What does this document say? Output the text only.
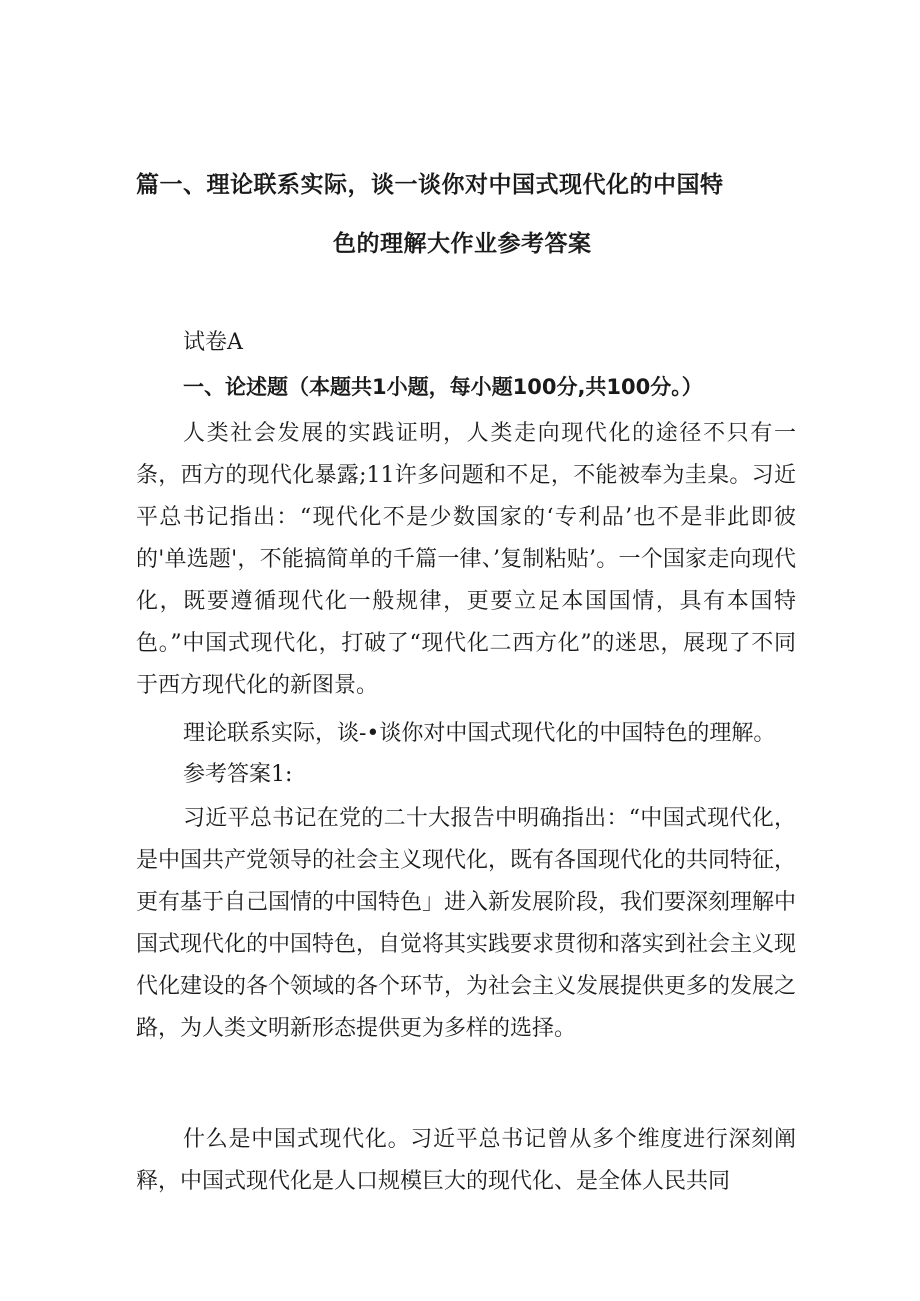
篇一、理论联系实际，谈一谈你对中国式现代化的中国特
色的理解大作业参考答案
试卷A
一、论述题（本题共1小题，每小题100分,共100分。）
人类社会发展的实践证明，人类走向现代化的途径不只有一条，西方的现代化暴露;11许多问题和不足，不能被奉为圭臬。习近平总书记指出：“现代化不是少数国家的‘专利品’也不是非此即彼的'单选题'，不能搞简单的千篇一律、’复制粘贴’。一个国家走向现代化，既要遵循现代化一般规律，更要立足本国国情，具有本国特色。”中国式现代化，打破了“现代化二西方化”的迷思，展现了不同于西方现代化的新图景。
理论联系实际，谈-•谈你对中国式现代化的中国特色的理解。
参考答案1:
习近平总书记在党的二十大报告中明确指出：“中国式现代化，是中国共产党领导的社会主义现代化，既有各国现代化的共同特征，更有基于自己国情的中国特色」进入新发展阶段，我们要深刻理解中国式现代化的中国特色，自觉将其实践要求贯彻和落实到社会主义现代化建设的各个领域的各个环节，为社会主义发展提供更多的发展之路，为人类文明新形态提供更为多样的选择。
什么是中国式现代化。习近平总书记曾从多个维度进行深刻阐释，中国式现代化是人口规模巨大的现代化、是全体人民共同
